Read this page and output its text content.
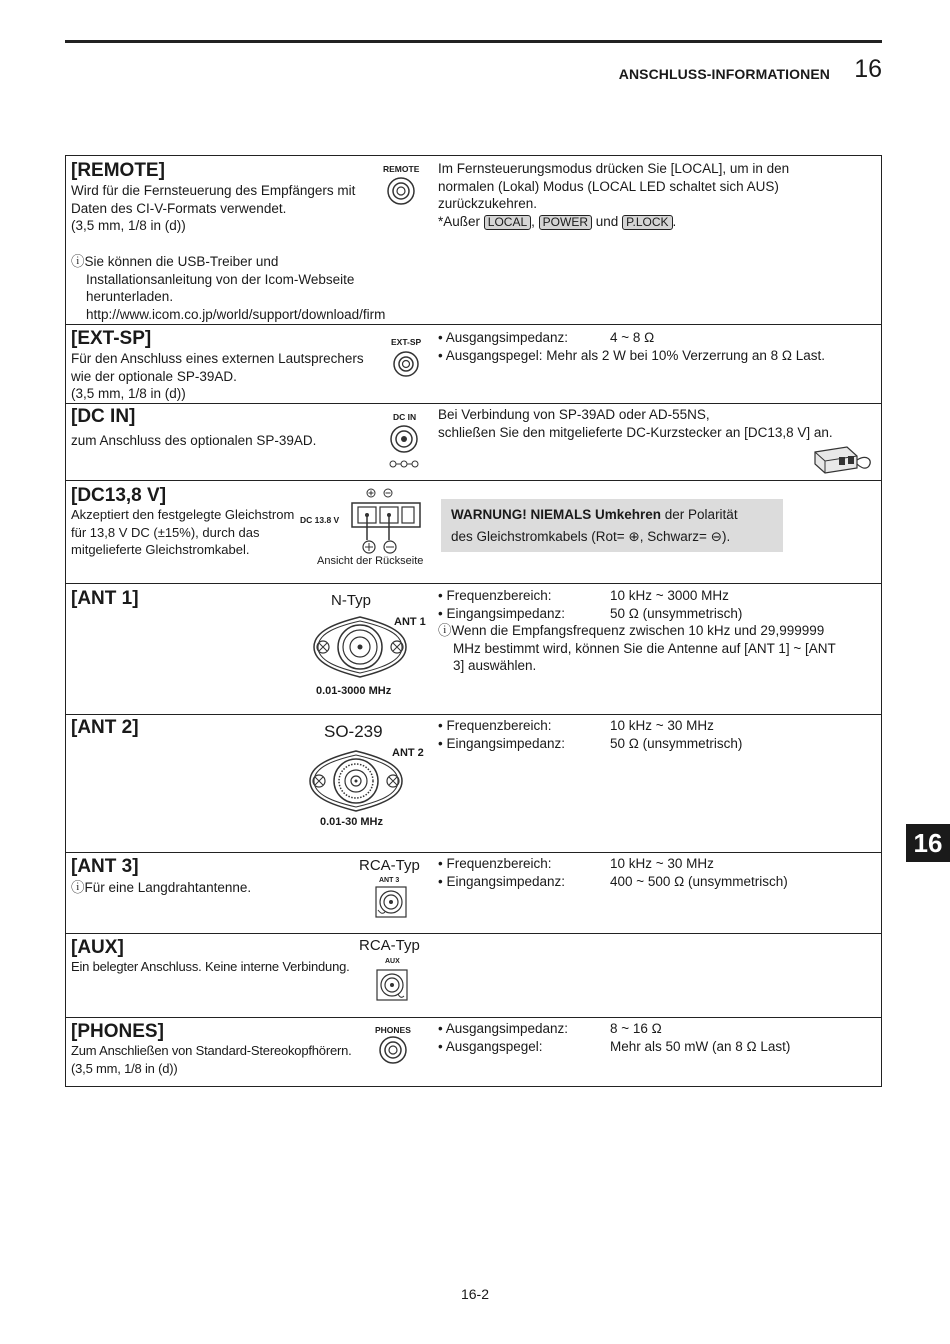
ANSCHLUSS-INFORMATIONEN 16
16
[REMOTE]
Wird für die Fernsteuerung des Empfängers mit
Daten des CI-V-Formats verwendet.
(3,5 mm, 1/8 in (d))
ⓘSie können die USB-Treiber und
Installationsanleitung von der Icom-Webseite
herunterladen.
http://www.icom.co.jp/world/support/download/firm
REMOTE Im Fernsteuerungsmodus drücken Sie [LOCAL], um in den
normalen (Lokal) Modus (LOCAL LED schaltet sich AUS)
zurückzukehren.
*Außer LOCAL , POWER und P.LOCK .
[EXT-SP]
Für den Anschluss eines externen Lautsprechers
wie der optionale SP-39AD.
(3,5 mm, 1/8 in (d))
EXT-SP • Ausgangsimpedanz:	4 ~ 8 Ω
• Ausgangspegel: Mehr als 2 W bei 10% Verzerrung an 8 Ω Last.
[DC IN]
zum Anschluss des optionalen SP-39AD.
DC IN Bei Verbindung von SP-39AD oder AD-55NS,
schließen Sie den mitgelieferte DC-Kurzstecker an [DC13,8 V] an.
[DC13,8 V]
Akzeptiert den festgelegte Gleichstrom
für 13,8 V DC (±15%), durch das
mitgelieferte Gleichstromkabel.
DC 13.8 V
Ansicht der Rückseite
WARNUNG! NIEMALS Umkehren der Polarität
des Gleichstromkabels (Rot= ⊕, Schwarz= ⊖).
[ANT 1]	N-Typ
ANT 1
0.01-3000 MHz
• Frequenzbereich:	10 kHz ~ 3000 MHz
• Eingangsimpedanz:	50 Ω (unsymmetrisch)
ⓘWenn die Empfangsfrequenz zwischen 10 kHz und 29,999999
MHz bestimmt wird, können Sie die Antenne auf [ANT 1] ~ [ANT
3] auswählen.
[ANT 2]	SO-239
ANT 2
0.01-30 MHz
• Frequenzbereich:	10 kHz ~ 30 MHz
• Eingangsimpedanz:	50 Ω (unsymmetrisch)
[ANT 3]
ⓘFür eine Langdrahtantenne.
RCA-Typ
ANT 3
• Frequenzbereich:	10 kHz ~ 30 MHz
• Eingangsimpedanz:	400 ~ 500 Ω (unsymmetrisch)
[AUX]
Ein belegter Anschluss. Keine interne Verbindung.
RCA-Typ
AUX
[PHONES]
Zum Anschließen von Standard-Stereokopfhörern.
(3,5 mm, 1/8 in (d))
PHONES • Ausgangsimpedanz:	8 ~ 16 Ω
• Ausgangspegel:	Mehr als 50 mW (an 8 Ω Last)
16-2
